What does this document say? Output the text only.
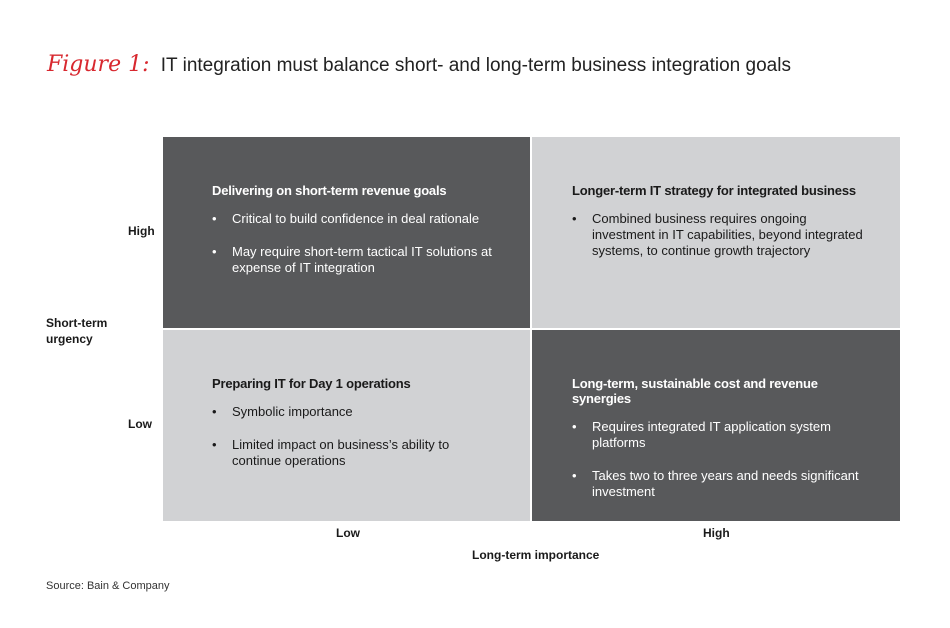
Figure 1: IT integration must balance short- and long-term business integration goals
Short-term urgency
High
Low
Delivering on short-term revenue goals
• Critical to build confidence in deal rationale
• May require short-term tactical IT solutions at expense of IT integration
Longer-term IT strategy for integrated business
• Combined business requires ongoing investment in IT capabilities, beyond integrated systems, to continue growth trajectory
Preparing IT for Day 1 operations
• Symbolic importance
• Limited impact on business’s ability to continue operations
Long-term, sustainable cost and revenue synergies
• Requires integrated IT application system platforms
• Takes two to three years and needs significant investment
Low	High
Long-term importance
Source: Bain & Company
